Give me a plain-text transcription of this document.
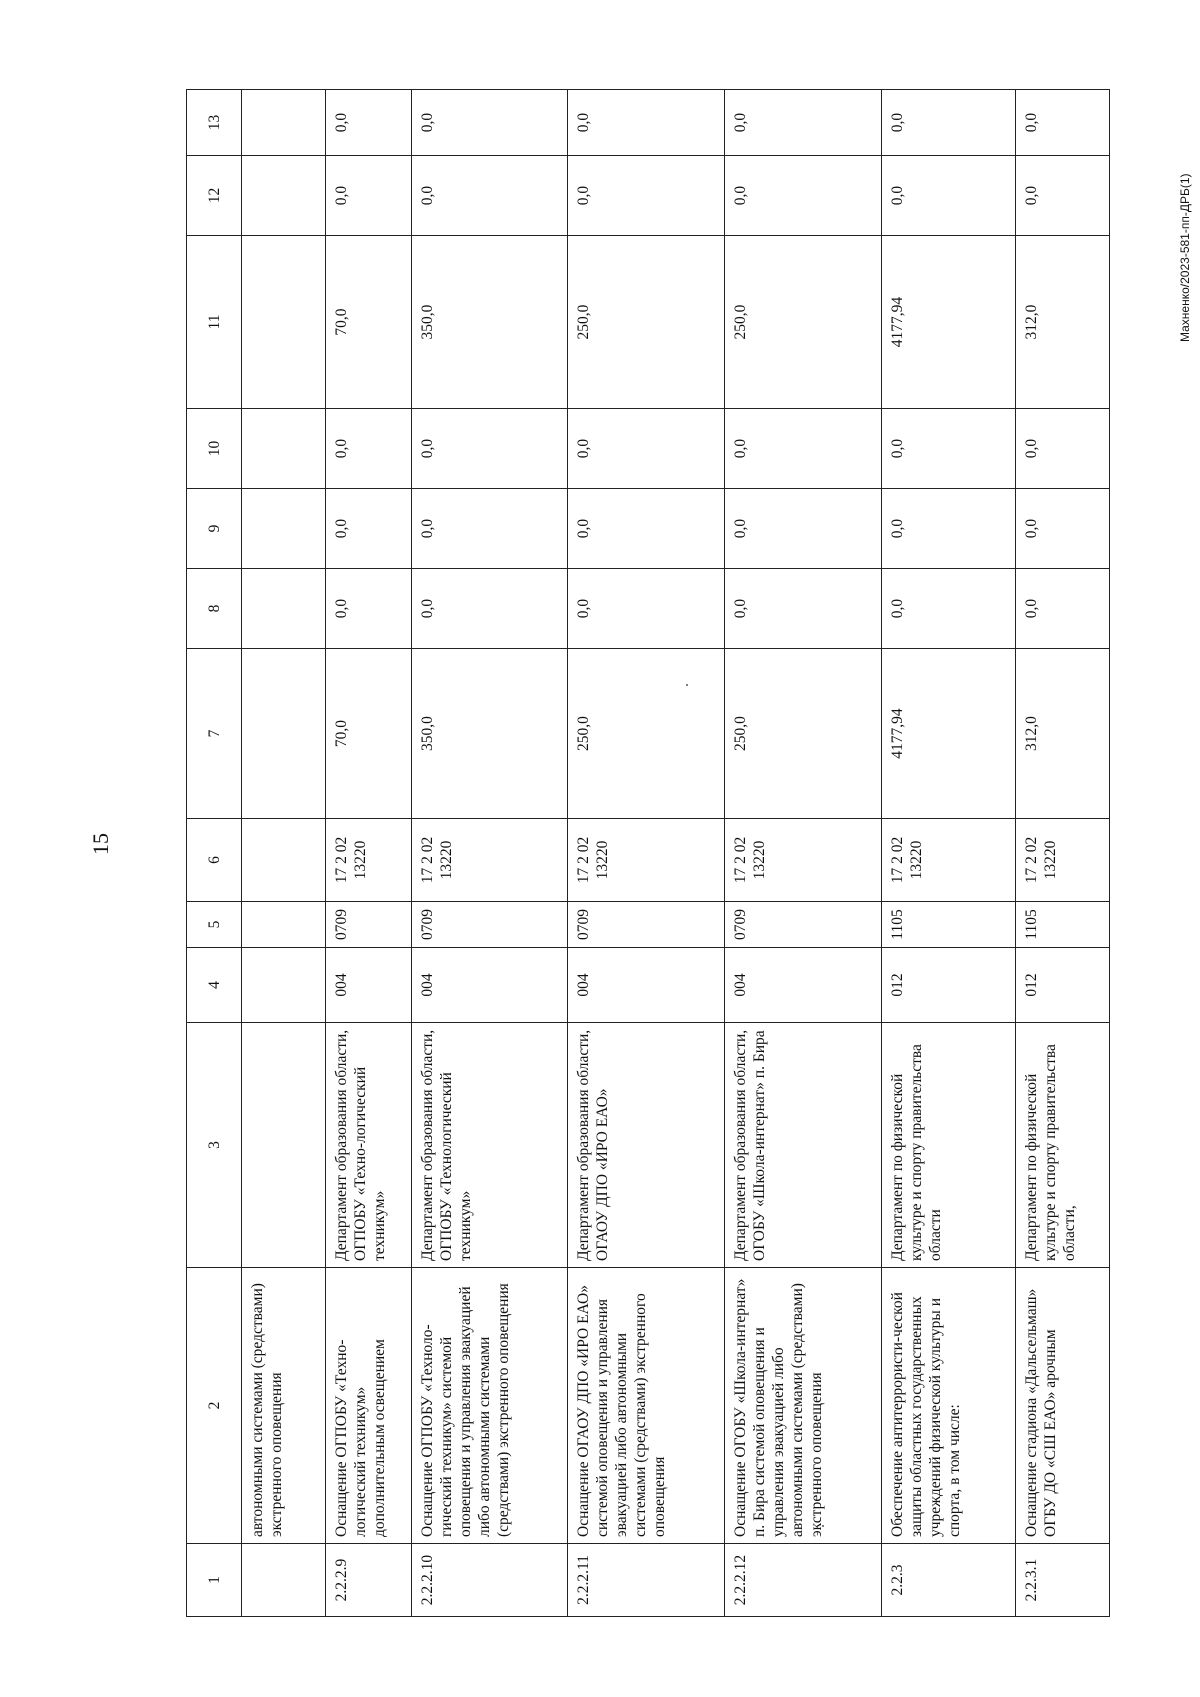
15
Махненко/2023-581-пп-ДРБ(1)
1	2	3	4	5	6	7	8	9	10	11	12	13
	автономными системами (средствами) экстренного оповещения											
2.2.2.9	Оснащение ОГПОБУ «Техно-логический техникум» дополнительным освещением	Департамент образования области, ОГПОБУ «Техно-логический техникум»	004	0709	17 2 02 13220	70,0	0,0	0,0	0,0	70,0	0,0	0,0
2.2.2.10	Оснащение ОГПОБУ «Техноло-гический техникум» системой оповещения и управления эвакуацией либо автономными системами (средствами) экстренного оповещения	Департамент образования области, ОГПОБУ «Технологический техникум»	004	0709	17 2 02 13220	350,0	0,0	0,0	0,0	350,0	0,0	0,0
2.2.2.11	Оснащение ОГАОУ ДПО «ИРО ЕАО» системой оповещения и управления эвакуацией либо автономными системами (средствами) экстренного оповещения	Департамент образования области, ОГАОУ ДПО «ИРО ЕАО»	004	0709	17 2 02 13220	250,0	0,0	0,0	0,0	250,0	0,0	0,0
2.2.2.12	Оснащение ОГОБУ «Школа-интернат» п. Бира системой оповещения и управления эвакуацией либо автономными системами (средствами) экстренного оповещения	Департамент образования области, ОГОБУ «Школа-интернат» п. Бира	004	0709	17 2 02 13220	250,0	0,0	0,0	0,0	250,0	0,0	0,0
2.2.3	Обеспечение антитеррористи-ческой защиты областных государственных учреждений физической культуры и спорта, в том числе:	Департамент по физической культуре и спорту правительства области	012	1105	17 2 02 13220	4177,94	0,0	0,0	0,0	4177,94	0,0	0,0
2.2.3.1	Оснащение стадиона «Дальсельмаш» ОГБУ ДО «СШ ЕАО» арочным	Департамент по физической культуре и спорту правительства области,	012	1105	17 2 02 13220	312,0	0,0	0,0	0,0	312,0	0,0	0,0
